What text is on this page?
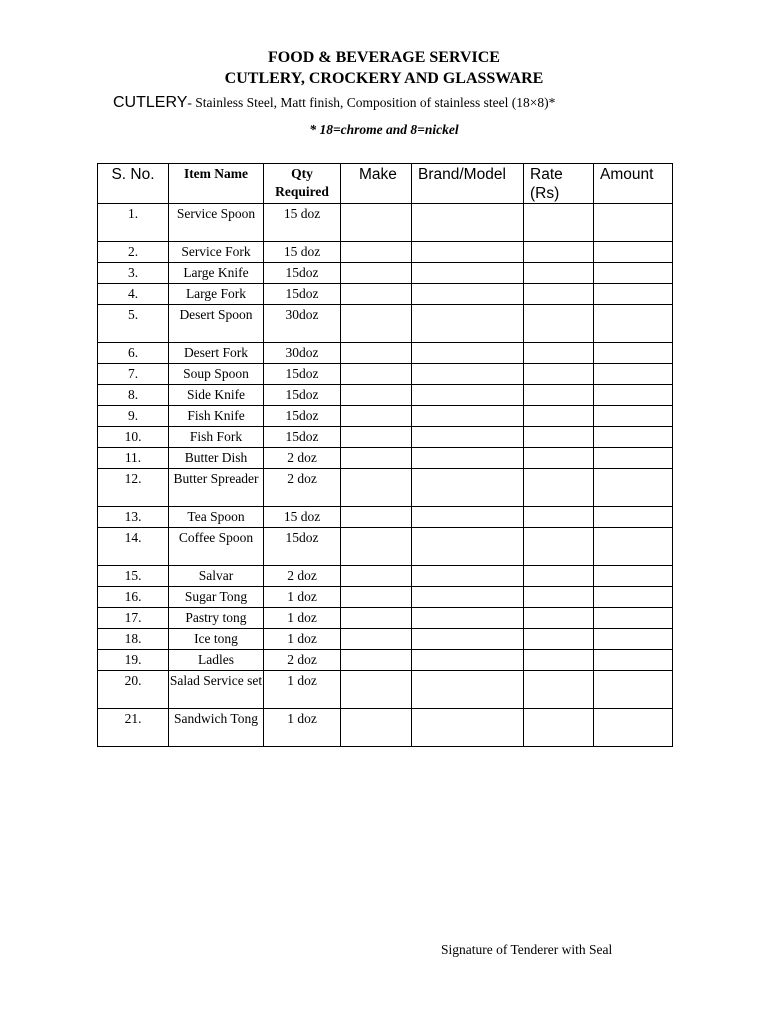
FOOD & BEVERAGE SERVICE
CUTLERY, CROCKERY AND GLASSWARE
CUTLERY- Stainless Steel, Matt finish, Composition of stainless steel (18×8)*
* 18=chrome and 8=nickel
S. No.	Item Name	Qty Required	Make	Brand/Model	Rate (Rs)	Amount
1.	Service Spoon	15 doz				
2.	Service Fork	15 doz				
3.	Large Knife	15doz				
4.	Large Fork	15doz				
5.	Desert Spoon	30doz				
6.	Desert Fork	30doz				
7.	Soup Spoon	15doz				
8.	Side Knife	15doz				
9.	Fish Knife	15doz				
10.	Fish Fork	15doz				
11.	Butter Dish	2 doz				
12.	Butter Spreader	2 doz				
13.	Tea Spoon	15 doz				
14.	Coffee Spoon	15doz				
15.	Salvar	2 doz				
16.	Sugar Tong	1 doz				
17.	Pastry tong	1 doz				
18.	Ice tong	1 doz				
19.	Ladles	2 doz				
20.	Salad Service set	1 doz				
21.	Sandwich Tong	1 doz				
Signature of Tenderer with Seal
